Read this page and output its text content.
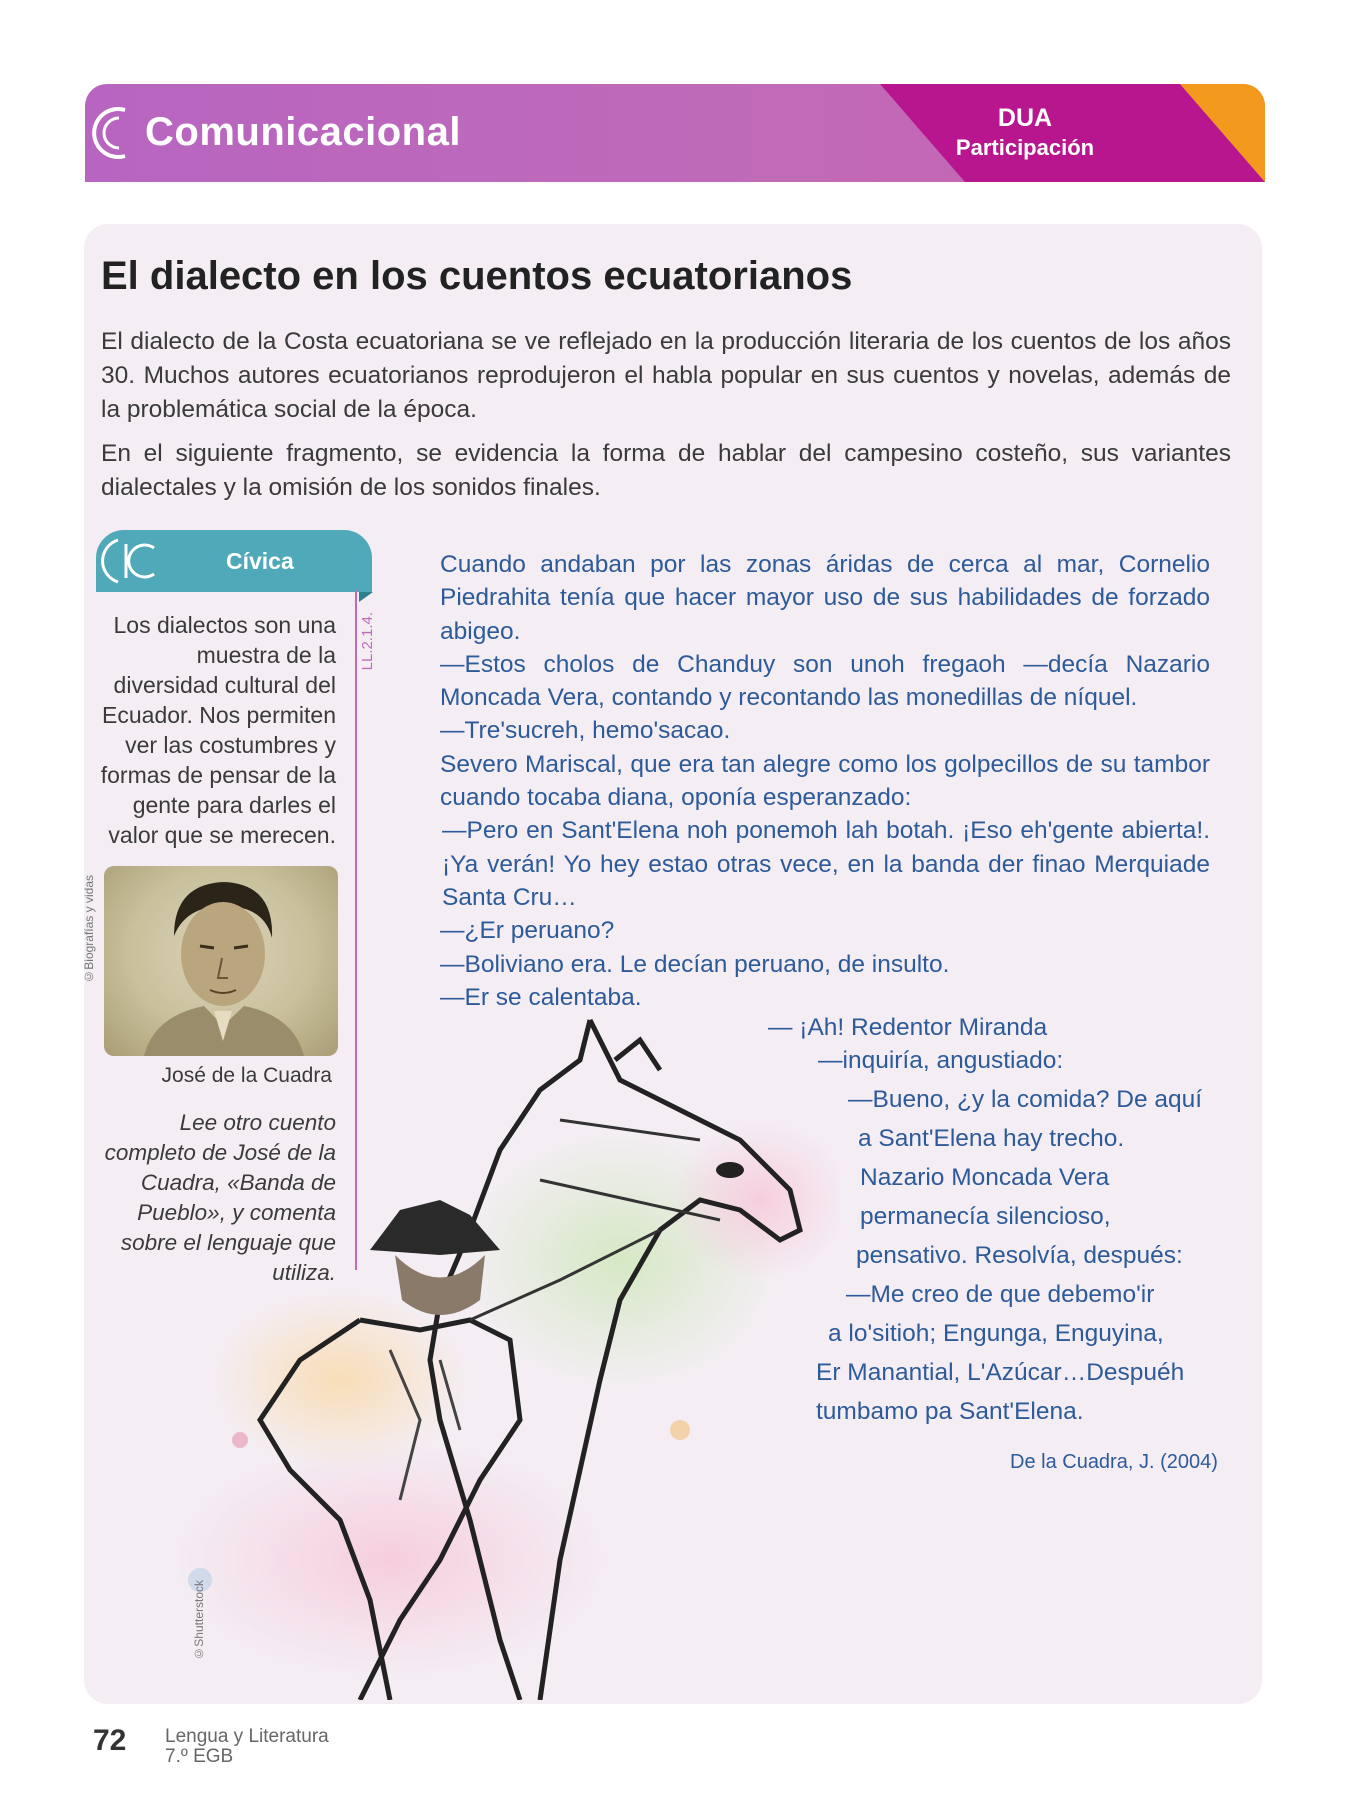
Comunicacional	DUA
Participación
El dialecto en los cuentos ecuatorianos
El dialecto de la Costa ecuatoriana se ve reflejado en la producción literaria de los cuentos de los años 30. Muchos autores ecuatorianos reprodujeron el habla popular en sus cuentos y novelas, además de la problemática social de la época.
En el siguiente fragmento, se evidencia la forma de hablar del campesino costeño, sus variantes dialectales y la omisión de los sonidos finales.
Cívica
LL.2.1.4.
Los dialectos son una muestra de la diversidad cultural del Ecuador. Nos permiten ver las costumbres y formas de pensar de la gente para darles el valor que se merecen.
©Biografías y vidas
José de la Cuadra
Lee otro cuento completo de José de la Cuadra, «Banda de Pueblo», y comenta sobre el lenguaje que utiliza.

Cuando andaban por las zonas áridas de cerca al mar, Cornelio Piedrahita tenía que hacer mayor uso de sus habilidades de forzado abigeo.

—Estos cholos de Chanduy son unoh fregaoh —decía Nazario Moncada Vera, contando y recontando las monedillas de níquel.

—Tre'sucreh, hemo'sacao.

Severo Mariscal, que era tan alegre como los golpecillos de su tambor cuando tocaba diana, oponía esperanzado:

—Pero en Sant'Elena noh ponemoh lah botah. ¡Eso eh'gente abierta!. ¡Ya verán! Yo hey estao otras vece, en la banda der finao Merquiade Santa Cru…

—¿Er peruano?

—Boliviano era. Le decían peruano, de insulto.

—Er se calentaba.

— ¡Ah! Redentor Miranda
—inquiría, angustiado:
—Bueno, ¿y la comida? De aquí
a Sant'Elena hay trecho.
Nazario Moncada Vera
permanecía silencioso,
pensativo. Resolvía, después:
—Me creo de que debemo'ir
a lo'sitioh; Engunga, Enguyina,
Er Manantial, L'Azúcar…Despuéh
tumbamo pa Sant'Elena.
De la Cuadra, J. (2004)
©Shutterstock
72 Lengua y Literatura
7.º EGB
